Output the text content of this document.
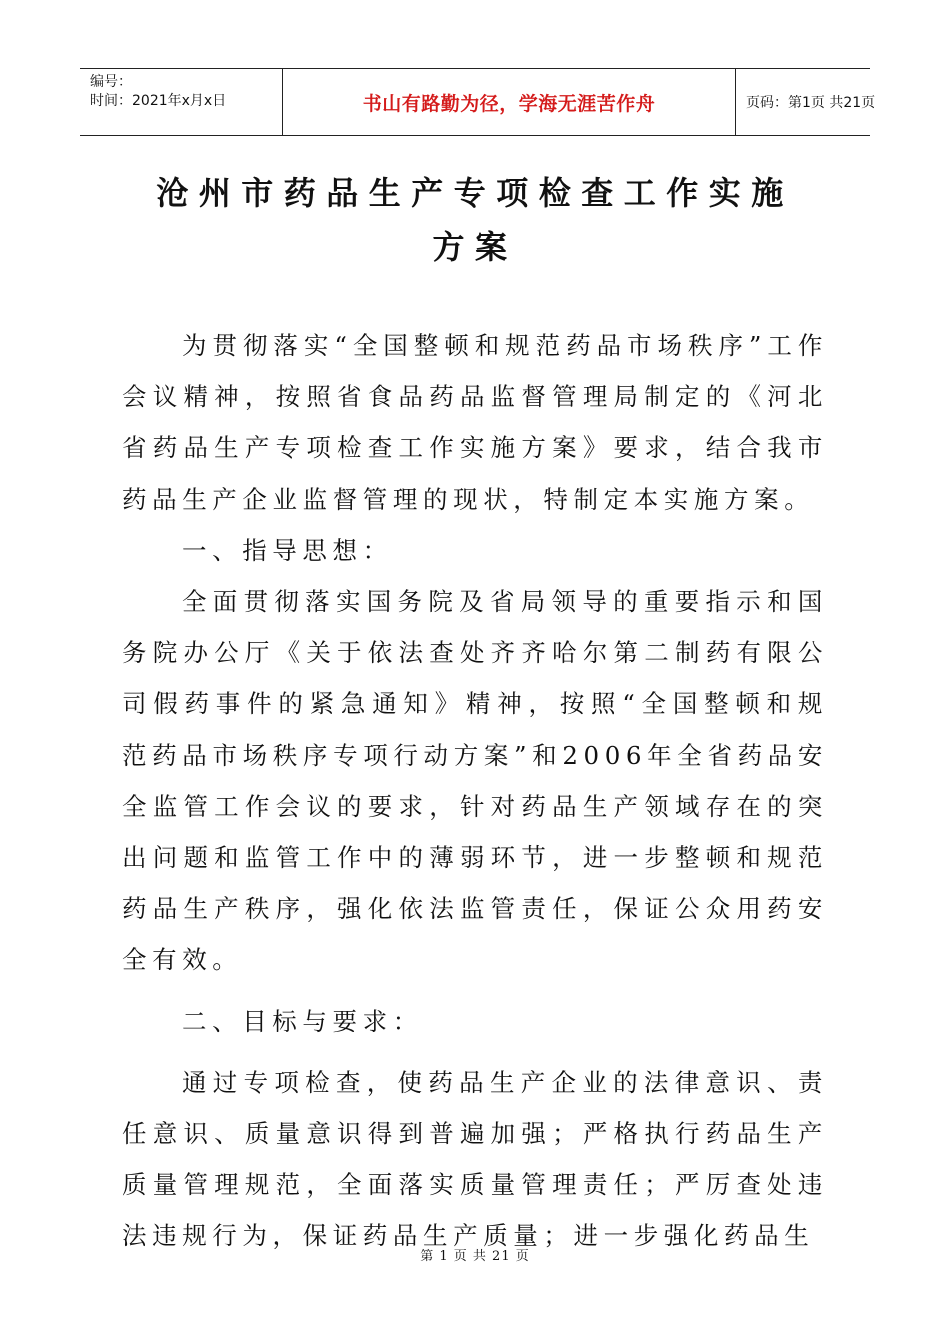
编号：
时间：2021年x月x日	书山有路勤为径，学海无涯苦作舟	页码：第1页 共21页
沧州市药品生产专项检查工作实施
方案

为贯彻落实“全国整顿和规范药品市场秩序”工作会议精神，按照省食品药品监督管理局制定的《河北省药品生产专项检查工作实施方案》要求，结合我市药品生产企业监督管理的现状，特制定本实施方案。

一、指导思想：

全面贯彻落实国务院及省局领导的重要指示和国务院办公厅《关于依法查处齐齐哈尔第二制药有限公司假药事件的紧急通知》精神，按照“全国整顿和规范药品市场秩序专项行动方案”和2006年全省药品安全监管工作会议的要求，针对药品生产领域存在的突出问题和监管工作中的薄弱环节，进一步整顿和规范药品生产秩序，强化依法监管责任，保证公众用药安全有效。

二、目标与要求：

通过专项检查，使药品生产企业的法律意识、责任意识、质量意识得到普遍加强；严格执行药品生产质量管理规范，全面落实质量管理责任；严厉查处违法违规行为，保证药品生产质量；进一步强化药品生

第 1 页 共 21 页
